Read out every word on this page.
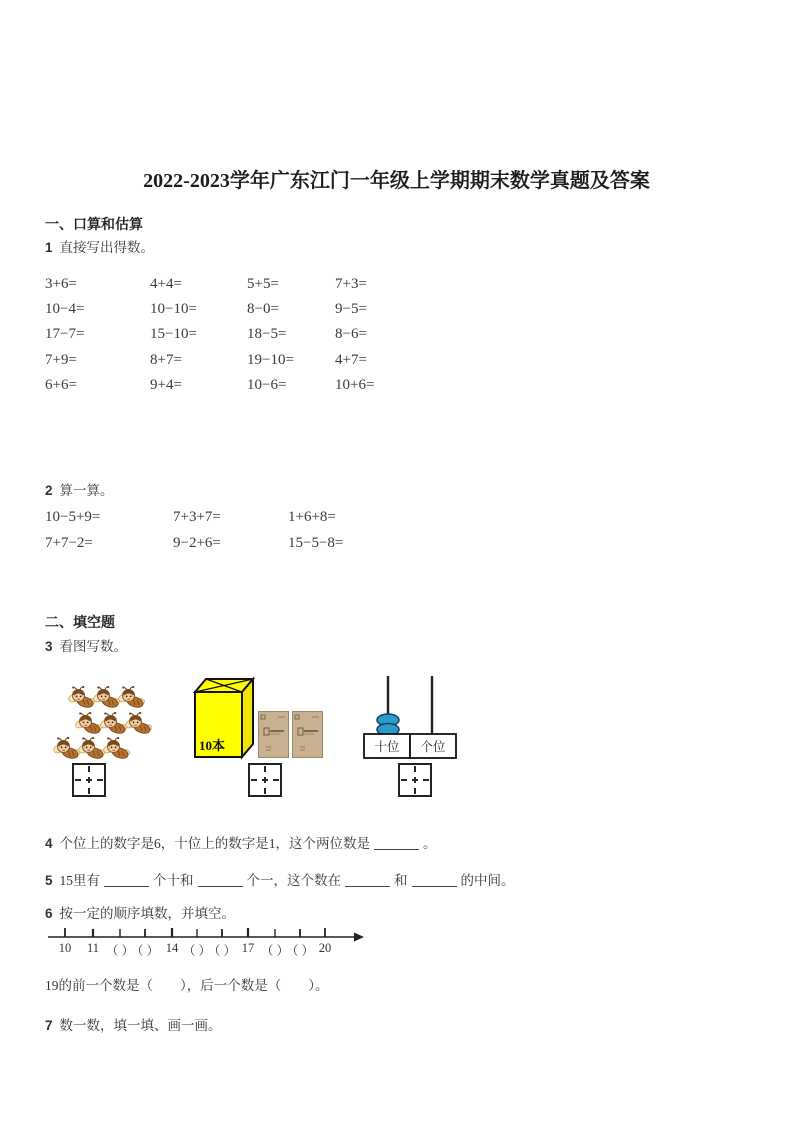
2022-2023学年广东江门一年级上学期期末数学真题及答案
一、口算和估算
1 直接写出得数。
3+6=	4+4=	5+5=	7+3=
10−4=	10−10=	8−0=	9−5=
17−7=	15−10=	18−5=	8−6=
7+9=	8+7=	19−10=	4+7=
6+6=	9+4=	10−6=	10+6=
2 算一算。
10−5+9=	7+3+7=	1+6+8=
7+7−2=	9−2+6=	15−5−8=
二、填空题
3 看图写数。
10本	十位 个位
4 个位上的数字是6，十位上的数字是1，这个两位数是	。
5 15里有	个十和	个一，这个数在	和	的中间。
6 按一定的顺序填数，并填空。
10 11 （ ）
（ ） 14 （ ）
（ ） 17 （ ）
（ ） 20
19的前一个数是（　　），后一个数是（　　）。
7 数一数，填一填、画一画。
